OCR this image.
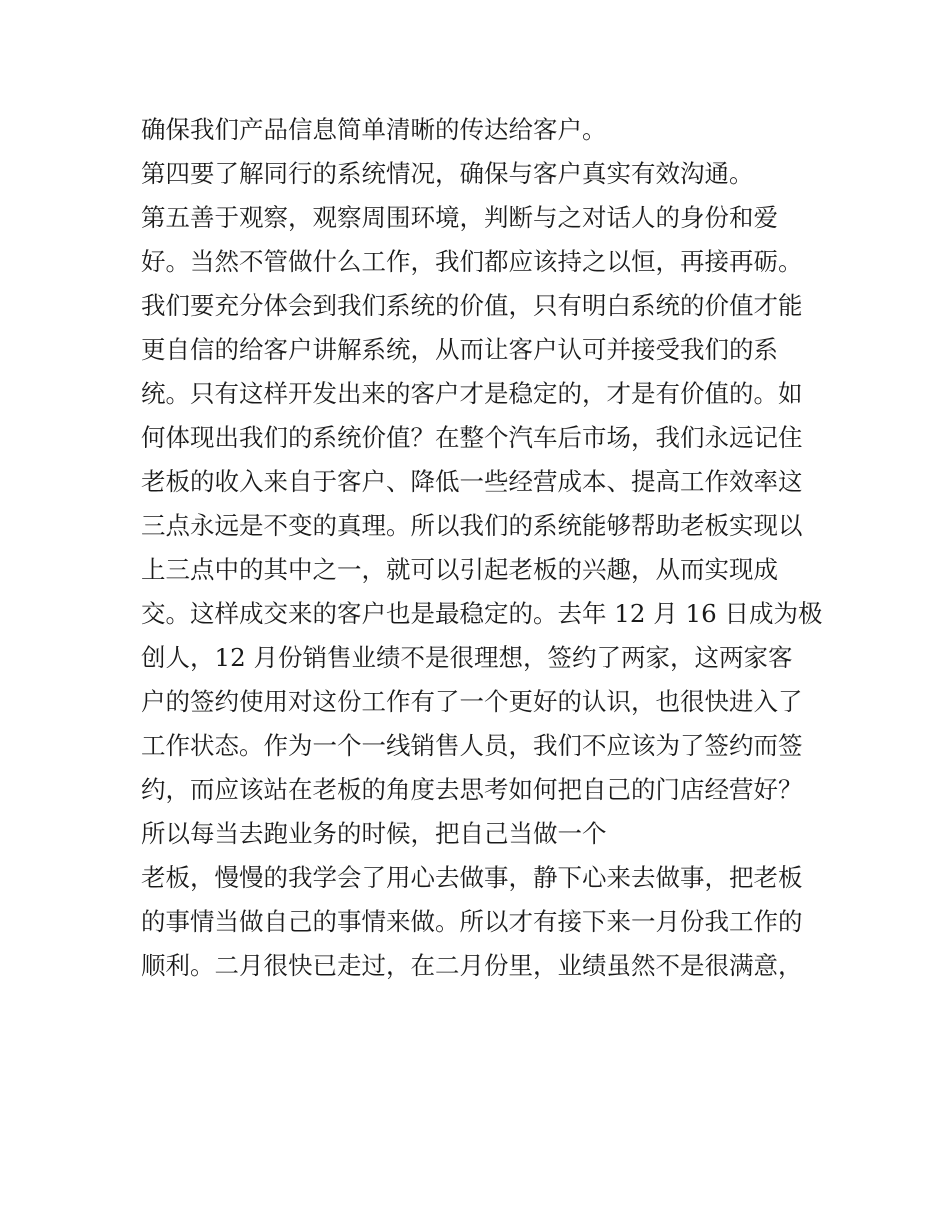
确保我们产品信息简单清晰的传达给客户。
第四要了解同行的系统情况，确保与客户真实有效沟通。
第五善于观察，观察周围环境，判断与之对话人的身份和爱
好。当然不管做什么工作，我们都应该持之以恒，再接再砺。
我们要充分体会到我们系统的价值，只有明白系统的价值才能
更自信的给客户讲解系统，从而让客户认可并接受我们的系
统。只有这样开发出来的客户才是稳定的，才是有价值的。如
何体现出我们的系统价值？在整个汽车后市场，我们永远记住
老板的收入来自于客户、降低一些经营成本、提高工作效率这
三点永远是不变的真理。所以我们的系统能够帮助老板实现以
上三点中的其中之一，就可以引起老板的兴趣，从而实现成
交。这样成交来的客户也是最稳定的。去年 12 月 16 日成为极
创人，12 月份销售业绩不是很理想，签约了两家，这两家客
户的签约使用对这份工作有了一个更好的认识，也很快进入了
工作状态。作为一个一线销售人员，我们不应该为了签约而签
约，而应该站在老板的角度去思考如何把自己的门店经营好？
所以每当去跑业务的时候，把自己当做一个
老板，慢慢的我学会了用心去做事，静下心来去做事，把老板
的事情当做自己的事情来做。所以才有接下来一月份我工作的
顺利。二月很快已走过，在二月份里，业绩虽然不是很满意，
